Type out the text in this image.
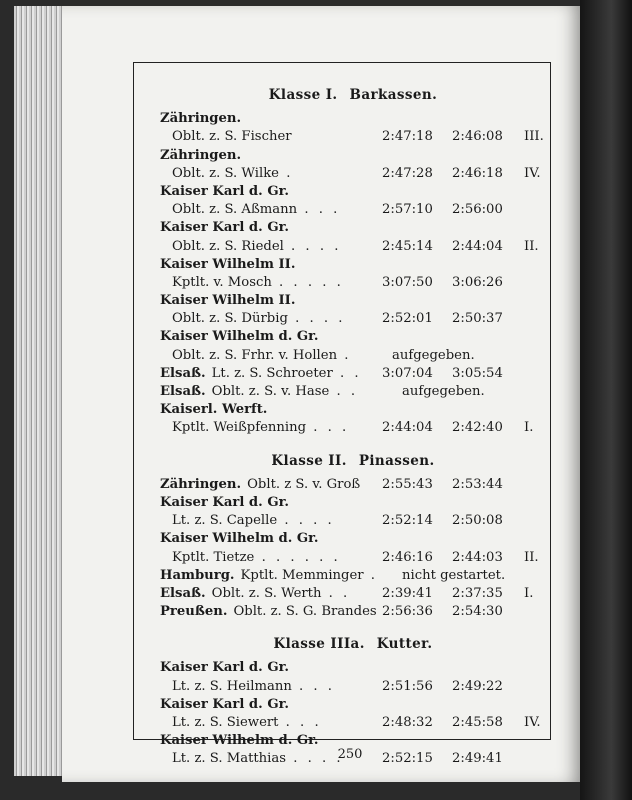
Klasse I. Barkassen.
Zähringen.
Oblt. z. S. Fischer	2:47:18	2:46:08	III.
Zähringen.
Oblt. z. S. Wilke .	2:47:28	2:46:18	IV.
Kaiser Karl d. Gr.
Oblt. z. S. Aßmann . . .	2:57:10	2:56:00
Kaiser Karl d. Gr.
Oblt. z. S. Riedel . . . .	2:45:14	2:44:04	II.
Kaiser Wilhelm II.
Kptlt. v. Mosch . . . . .	3:07:50	3:06:26
Kaiser Wilhelm II.
Oblt. z. S. Dürbig . . . .	2:52:01	2:50:37
Kaiser Wilhelm d. Gr.
Oblt. z. S. Frhr. v. Hollen .	aufgegeben.
Elsaß. Lt. z. S. Schroeter . . 3:07:04	3:05:54
Elsaß. Oblt. z. S. v. Hase . .	aufgegeben.
Kaiserl. Werft.
Kptlt. Weißpfenning . . . 2:44:04	2:42:40	I.
Klasse II. Pinassen.
Zähringen. Oblt. z S. v. Groß 2:55:43	2:53:44
Kaiser Karl d. Gr.
Lt. z. S. Capelle . . . .	2:52:14	2:50:08
Kaiser Wilhelm d. Gr.
Kptlt. Tietze . . . . . .	2:46:16	2:44:03	II.
Hamburg. Kptlt. Memminger . nicht gestartet.
Elsaß. Oblt. z. S. Werth . . 2:39:41	2:37:35	I.
Preußen. Oblt. z. S. G. Brandes 2:56:36	2:54:30
Klasse IIIa. Kutter.
Kaiser Karl d. Gr.
Lt. z. S. Heilmann . . .	2:51:56	2:49:22
Kaiser Karl d. Gr.
Lt. z. S. Siewert . . .	2:48:32	2:45:58	IV.
Kaiser Wilhelm d. Gr.
Lt. z. S. Matthias . . . .	2:52:15	2:49:41
250
